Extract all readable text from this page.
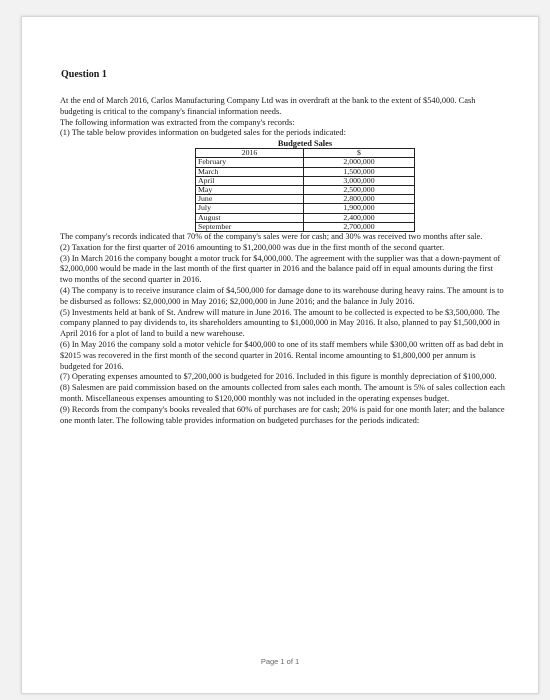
Question 1

At the end of March 2016, Carlos Manufacturing Company Ltd was in overdraft at the bank to the extent of $540,000. Cash budgeting is critical to the company's financial information needs.

The following information was extracted from the company's records:

(1) The table below provides information on budgeted sales for the periods indicated:

Budgeted Sales
2016	$
February	2,000,000
March	1,500,000
April	3,000,000
May	2,500,000
June	2,800,000
July	1,900,000
August	2,400,000
September	2,700,000

The company's records indicated that 70% of the company's sales were for cash; and 30% was received two months after sale.

(2) Taxation for the first quarter of 2016 amounting to $1,200,000 was due in the first month of the second quarter.

(3) In March 2016 the company bought a motor truck for $4,000,000. The agreement with the supplier was that a down-payment of $2,000,000 would be made in the last month of the first quarter in 2016 and the balance paid off in equal amounts during the first two months of the second quarter in 2016.

(4) The company is to receive insurance claim of $4,500,000 for damage done to its warehouse during heavy rains. The amount is to be disbursed as follows: $2,000,000 in May 2016; $2,000,000 in June 2016; and the balance in July 2016.

(5) Investments held at bank of St. Andrew will mature in June 2016. The amount to be collected is expected to be $3,500,000. The company planned to pay dividends to, its shareholders amounting to $1,000,000 in May 2016. It also, planned to pay $1,500,000 in April 2016 for a plot of land to build a new warehouse.

(6) In May 2016 the company sold a motor vehicle for $400,000 to one of its staff members while $300,00 written off as bad debt in $2015 was recovered in the first month of the second quarter in 2016. Rental income amounting to $1,800,000 per annum is budgeted for 2016.

(7) Operating expenses amounted to $7,200,000 is budgeted for 2016. Included in this figure is monthly depreciation of $100,000.

(8) Salesmen are paid commission based on the amounts collected from sales each month. The amount is 5% of sales collection each month. Miscellaneous expenses amounting to $120,000 monthly was not included in the operating expenses budget.

(9) Records from the company's books revealed that 60% of purchases are for cash; 20% is paid for one month later; and the balance one month later. The following table provides information on budgeted purchases for the periods indicated:

Page 1 of 1
